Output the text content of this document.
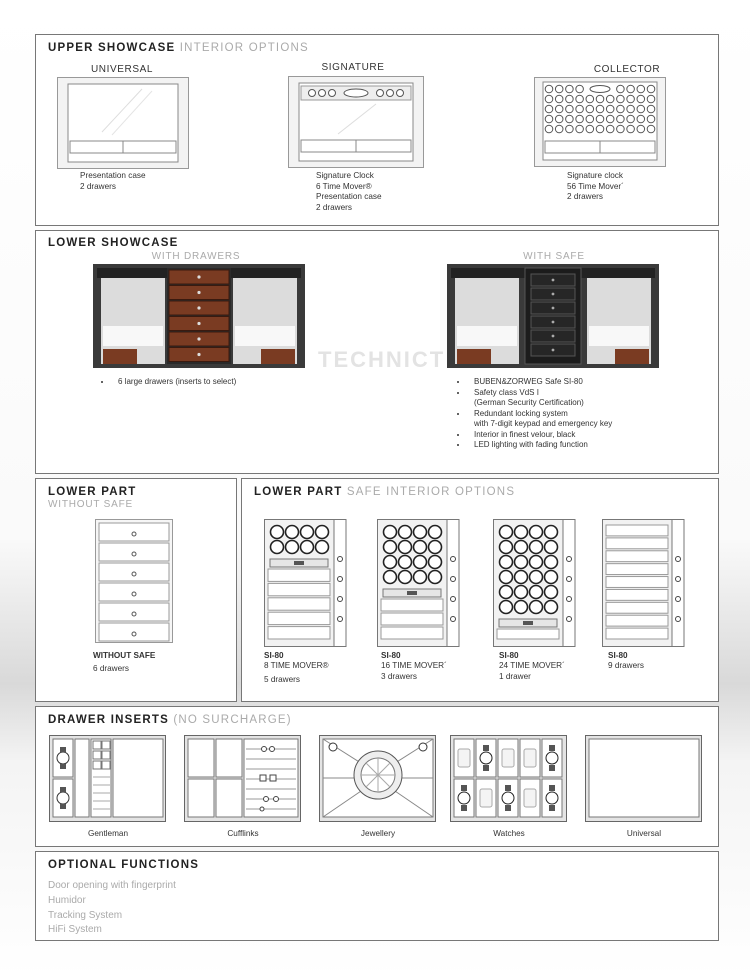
UPPER SHOWCASE INTERIOR OPTIONS
UNIVERSAL
Presentation case
2 drawers
SIGNATURE
Signature Clock
6 Time Mover®
Presentation case
2 drawers
COLLECTOR
Signature clock
56 Time Mover´
2 drawers
LOWER SHOWCASE
WITH DRAWERS	WITH SAFE
• 6 large drawers (inserts to select)
TECHNICT
• BUBEN&ZORWEG Safe SI-80
• Safety class VdS I
(German Security Certification)
• Redundant locking system
with 7-digit keypad and emergency key
• Interior in finest velour, black
• LED lighting with fading function
LOWER PART
WITHOUT SAFE
WITHOUT SAFE
6 drawers
LOWER PART SAFE INTERIOR OPTIONS
SI-80
8 TIME MOVER®
5 drawers
SI-80
16 TIME MOVER´
3 drawers
SI-80
24 TIME MOVER´
1 drawer
SI-80
9 drawers
DRAWER INSERTS (NO SURCHARGE)
Gentleman	Cufflinks	Jewellery	Watches	Universal
OPTIONAL FUNCTIONS
Door opening with fingerprint
Humidor
Tracking System
HiFi System
